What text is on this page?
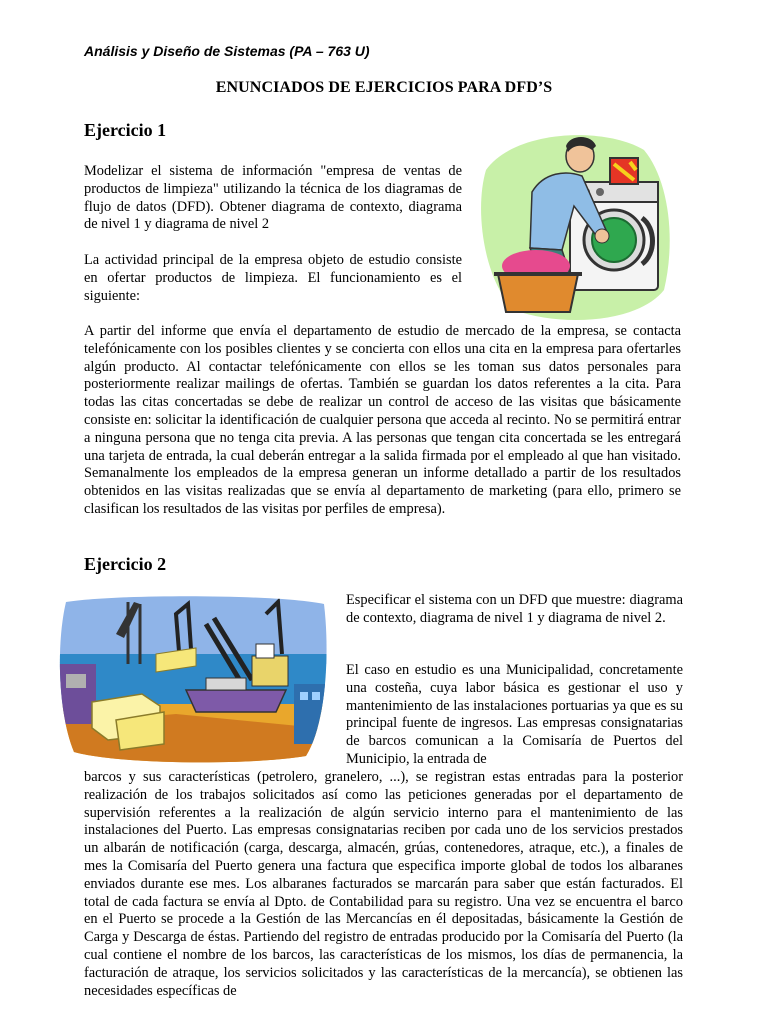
Análisis y Diseño de Sistemas (PA – 763 U)
ENUNCIADOS DE EJERCICIOS PARA DFD’S
Ejercicio 1

Modelizar el sistema de información "empresa de ventas de productos de limpieza" utilizando la técnica de los diagramas de flujo de datos (DFD). Obtener diagrama de contexto, diagrama de nivel 1 y diagrama de nivel 2

La actividad principal de la empresa objeto de estudio consiste en ofertar productos de limpieza. El funcionamiento es el siguiente:

A partir del informe que envía el departamento de estudio de mercado de la empresa, se contacta telefónicamente con los posibles clientes y se concierta con ellos una cita en la empresa para ofertarles algún producto. Al contactar telefónicamente con ellos se les toman sus datos personales para posteriormente realizar mailings de ofertas. También se guardan los datos referentes a la cita. Para todas las citas concertadas se debe de realizar un control de acceso de las visitas que básicamente consiste en: solicitar la identificación de cualquier persona que acceda al recinto. No se permitirá entrar a ninguna persona que no tenga cita previa. A las personas que tengan cita concertada se les entregará una tarjeta de entrada, la cual deberán entregar a la salida firmada por el empleado al que han visitado. Semanalmente los empleados de la empresa generan un informe detallado a partir de los resultados obtenidos en las visitas realizadas que se envía al departamento de marketing (para ello, primero se clasifican los resultados de las visitas por perfiles de empresa).

Ejercicio 2

Especificar el sistema con un DFD que muestre: diagrama de contexto, diagrama de nivel 1 y diagrama de nivel 2.

El caso en estudio es una Municipalidad, concretamente una costeña, cuya labor básica es gestionar el uso y mantenimiento de las instalaciones portuarias ya que es su principal fuente de ingresos. Las empresas consignatarias de barcos comunican a la Comisaría de Puertos del Municipio, la entrada de

barcos y sus características (petrolero, granelero, ...), se registran estas entradas para la posterior realización de los trabajos solicitados así como las peticiones generadas por el departamento de supervisión referentes a la realización de algún servicio interno para el mantenimiento de las instalaciones del Puerto. Las empresas consignatarias reciben por cada uno de los servicios prestados un albarán de notificación (carga, descarga, almacén, grúas, contenedores, atraque, etc.), a finales de mes la Comisaría del Puerto genera una factura que especifica importe global de todos los albaranes enviados durante ese mes. Los albaranes facturados se marcarán para saber que están facturados. El total de cada factura se envía al Dpto. de Contabilidad para su registro. Una vez se encuentra el barco en el Puerto se procede a la Gestión de las Mercancías en él depositadas, básicamente la Gestión de Carga y Descarga de éstas. Partiendo del registro de entradas producido por la Comisaría del Puerto (la cual contiene el nombre de los barcos, las características de los mismos, los días de permanencia, la facturación de atraque, los servicios solicitados y las características de la mercancía), se obtienen las necesidades específicas de
